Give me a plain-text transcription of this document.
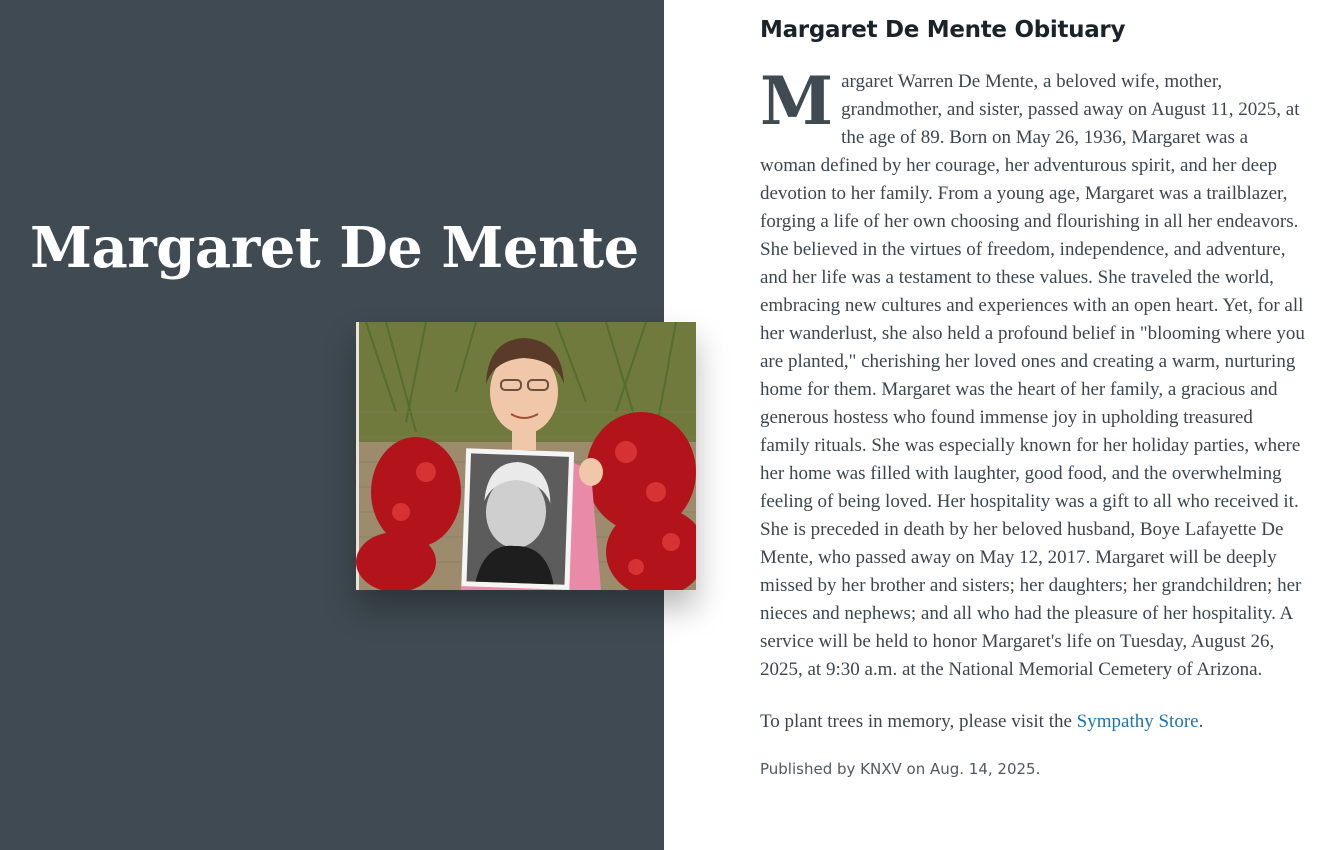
Margaret De Mente
Margaret De Mente Obituary
Margaret Warren De Mente, a beloved wife, mother, grandmother, and sister, passed away on August 11, 2025, at the age of 89. Born on May 26, 1936, Margaret was a woman defined by her courage, her adventurous spirit, and her deep devotion to her family. From a young age, Margaret was a trailblazer, forging a life of her own choosing and flourishing in all her endeavors. She believed in the virtues of freedom, independence, and adventure, and her life was a testament to these values. She traveled the world, embracing new cultures and experiences with an open heart. Yet, for all her wanderlust, she also held a profound belief in "blooming where you are planted," cherishing her loved ones and creating a warm, nurturing home for them. Margaret was the heart of her family, a gracious and generous hostess who found immense joy in upholding treasured family rituals. She was especially known for her holiday parties, where her home was filled with laughter, good food, and the overwhelming feeling of being loved. Her hospitality was a gift to all who received it. She is preceded in death by her beloved husband, Boye Lafayette De Mente, who passed away on May 12, 2017. Margaret will be deeply missed by her brother and sisters; her daughters; her grandchildren; her nieces and nephews; and all who had the pleasure of her hospitality. A service will be held to honor Margaret's life on Tuesday, August 26, 2025, at 9:30 a.m. at the National Memorial Cemetery of Arizona.

To plant trees in memory, please visit the Sympathy Store.

Published by KNXV on Aug. 14, 2025.
